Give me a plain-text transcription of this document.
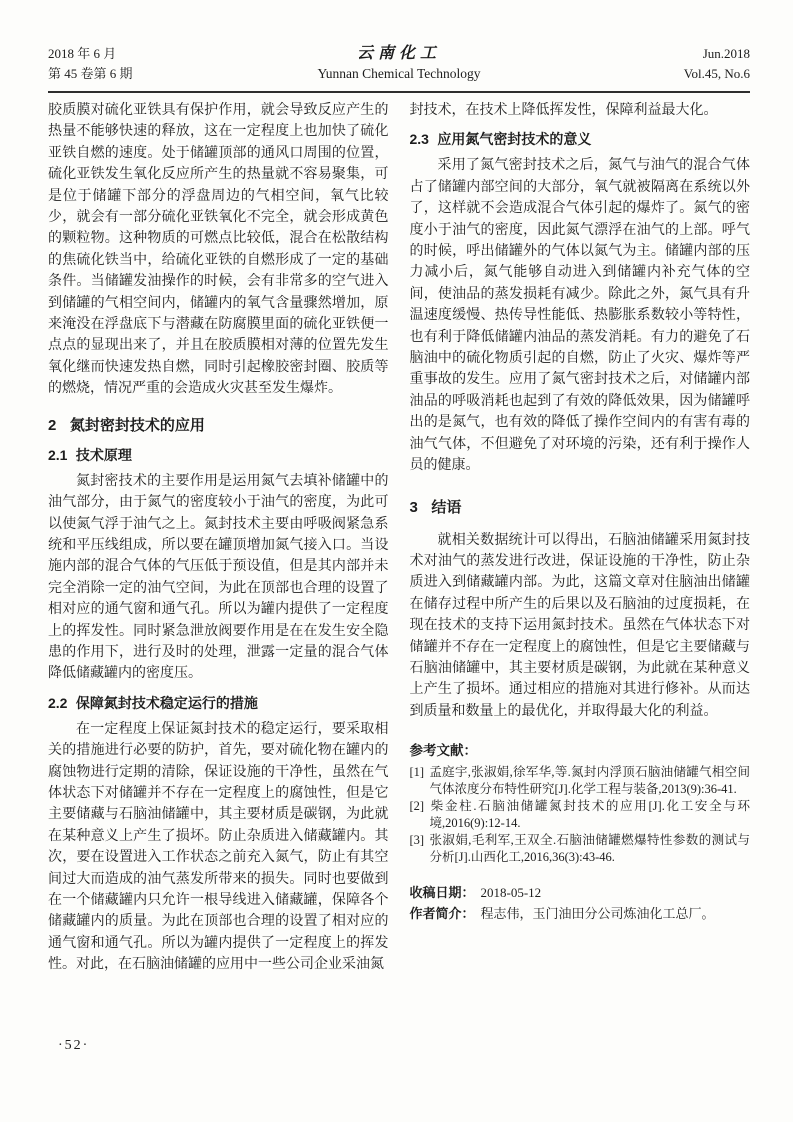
2018 年 6 月
第 45 卷第 6 期
云南化工
Yunnan Chemical Technology
Jun.2018
Vol.45, No.6

胶质膜对硫化亚铁具有保护作用，就会导致反应产生的热量不能够快速的释放，这在一定程度上也加快了硫化亚铁自燃的速度。处于储罐顶部的通风口周围的位置，硫化亚铁发生氧化反应所产生的热量就不容易聚集，可是位于储罐下部分的浮盘周边的气相空间，氧气比较少，就会有一部分硫化亚铁氧化不完全，就会形成黄色的颗粒物。这种物质的可燃点比较低，混合在松散结构的焦硫化铁当中，给硫化亚铁的自燃形成了一定的基础条件。当储罐发油操作的时候，会有非常多的空气进入到储罐的气相空间内，储罐内的氧气含量骤然增加，原来淹没在浮盘底下与潜藏在防腐膜里面的硫化亚铁便一点点的显现出来了，并且在胶质膜相对薄的位置先发生氧化继而快速发热自燃，同时引起橡胶密封圈、胶质等的燃烧，情况严重的会造成火灾甚至发生爆炸。

2 氮封密封技术的应用

2.1 技术原理

氮封密技术的主要作用是运用氮气去填补储罐中的油气部分，由于氮气的密度较小于油气的密度，为此可以使氮气浮于油气之上。氮封技术主要由呼吸阀紧急系统和平压线组成，所以要在罐顶增加氮气接入口。当设施内部的混合气体的气压低于预设值，但是其内部并未完全消除一定的油气空间，为此在顶部也合理的设置了相对应的通气窗和通气孔。所以为罐内提供了一定程度上的挥发性。同时紧急泄放阀要作用是在在发生安全隐患的作用下，进行及时的处理，泄露一定量的混合气体降低储藏罐内的密度压。

2.2 保障氮封技术稳定运行的措施

在一定程度上保证氮封技术的稳定运行，要采取相关的措施进行必要的防护，首先，要对硫化物在罐内的腐蚀物进行定期的清除，保证设施的干净性，虽然在气体状态下对储罐并不存在一定程度上的腐蚀性，但是它主要储藏与石脑油储罐中，其主要材质是碳钢，为此就在某种意义上产生了损坏。防止杂质进入储藏罐内。其次，要在设置进入工作状态之前充入氮气，防止有其空间过大而造成的油气蒸发所带来的损失。同时也要做到在一个储藏罐内只允许一根导线进入储藏罐，保障各个储藏罐内的质量。为此在顶部也合理的设置了相对应的通气窗和通气孔。所以为罐内提供了一定程度上的挥发性。对此，在石脑油储罐的应用中一些公司企业采油氮

封技术，在技术上降低挥发性，保障利益最大化。

2.3 应用氮气密封技术的意义

采用了氮气密封技术之后，氮气与油气的混合气体占了储罐内部空间的大部分，氧气就被隔离在系统以外了，这样就不会造成混合气体引起的爆炸了。氮气的密度小于油气的密度，因此氮气漂浮在油气的上部。呼气的时候，呼出储罐外的气体以氮气为主。储罐内部的压力减小后，氮气能够自动进入到储罐内补充气体的空间，使油品的蒸发损耗有减少。除此之外，氮气具有升温速度缓慢、热传导性能低、热膨胀系数较小等特性，也有利于降低储罐内油品的蒸发消耗。有力的避免了石脑油中的硫化物质引起的自燃，防止了火灾、爆炸等严重事故的发生。应用了氮气密封技术之后，对储罐内部油品的呼吸消耗也起到了有效的降低效果，因为储罐呼出的是氮气，也有效的降低了操作空间内的有害有毒的油气气体，不但避免了对环境的污染，还有利于操作人员的健康。

3 结语

就相关数据统计可以得出，石脑油储罐采用氮封技术对油气的蒸发进行改进，保证设施的干净性，防止杂质进入到储藏罐内部。为此，这篇文章对住脑油出储罐在储存过程中所产生的后果以及石脑油的过度损耗，在现在技术的支持下运用氮封技术。虽然在气体状态下对储罐并不存在一定程度上的腐蚀性，但是它主要储藏与石脑油储罐中，其主要材质是碳钢，为此就在某种意义上产生了损坏。通过相应的措施对其进行修补。从而达到质量和数量上的最优化，并取得最大化的利益。

参考文献：

[1] 孟庭宇,张淑娟,徐军华,等.氮封内浮顶石脑油储罐气相空间气体浓度分布特性研究[J].化学工程与装备,2013(9):36-41.

[2] 柴金柱.石脑油储罐氮封技术的应用[J].化工安全与环境,2016(9):12-14.

[3] 张淑娟,毛利军,王双全.石脑油储罐燃爆特性参数的测试与分析[J].山西化工,2016,36(3):43-46.

收稿日期： 2018-05-12

作者简介： 程志伟，玉门油田分公司炼油化工总厂。

·52·
